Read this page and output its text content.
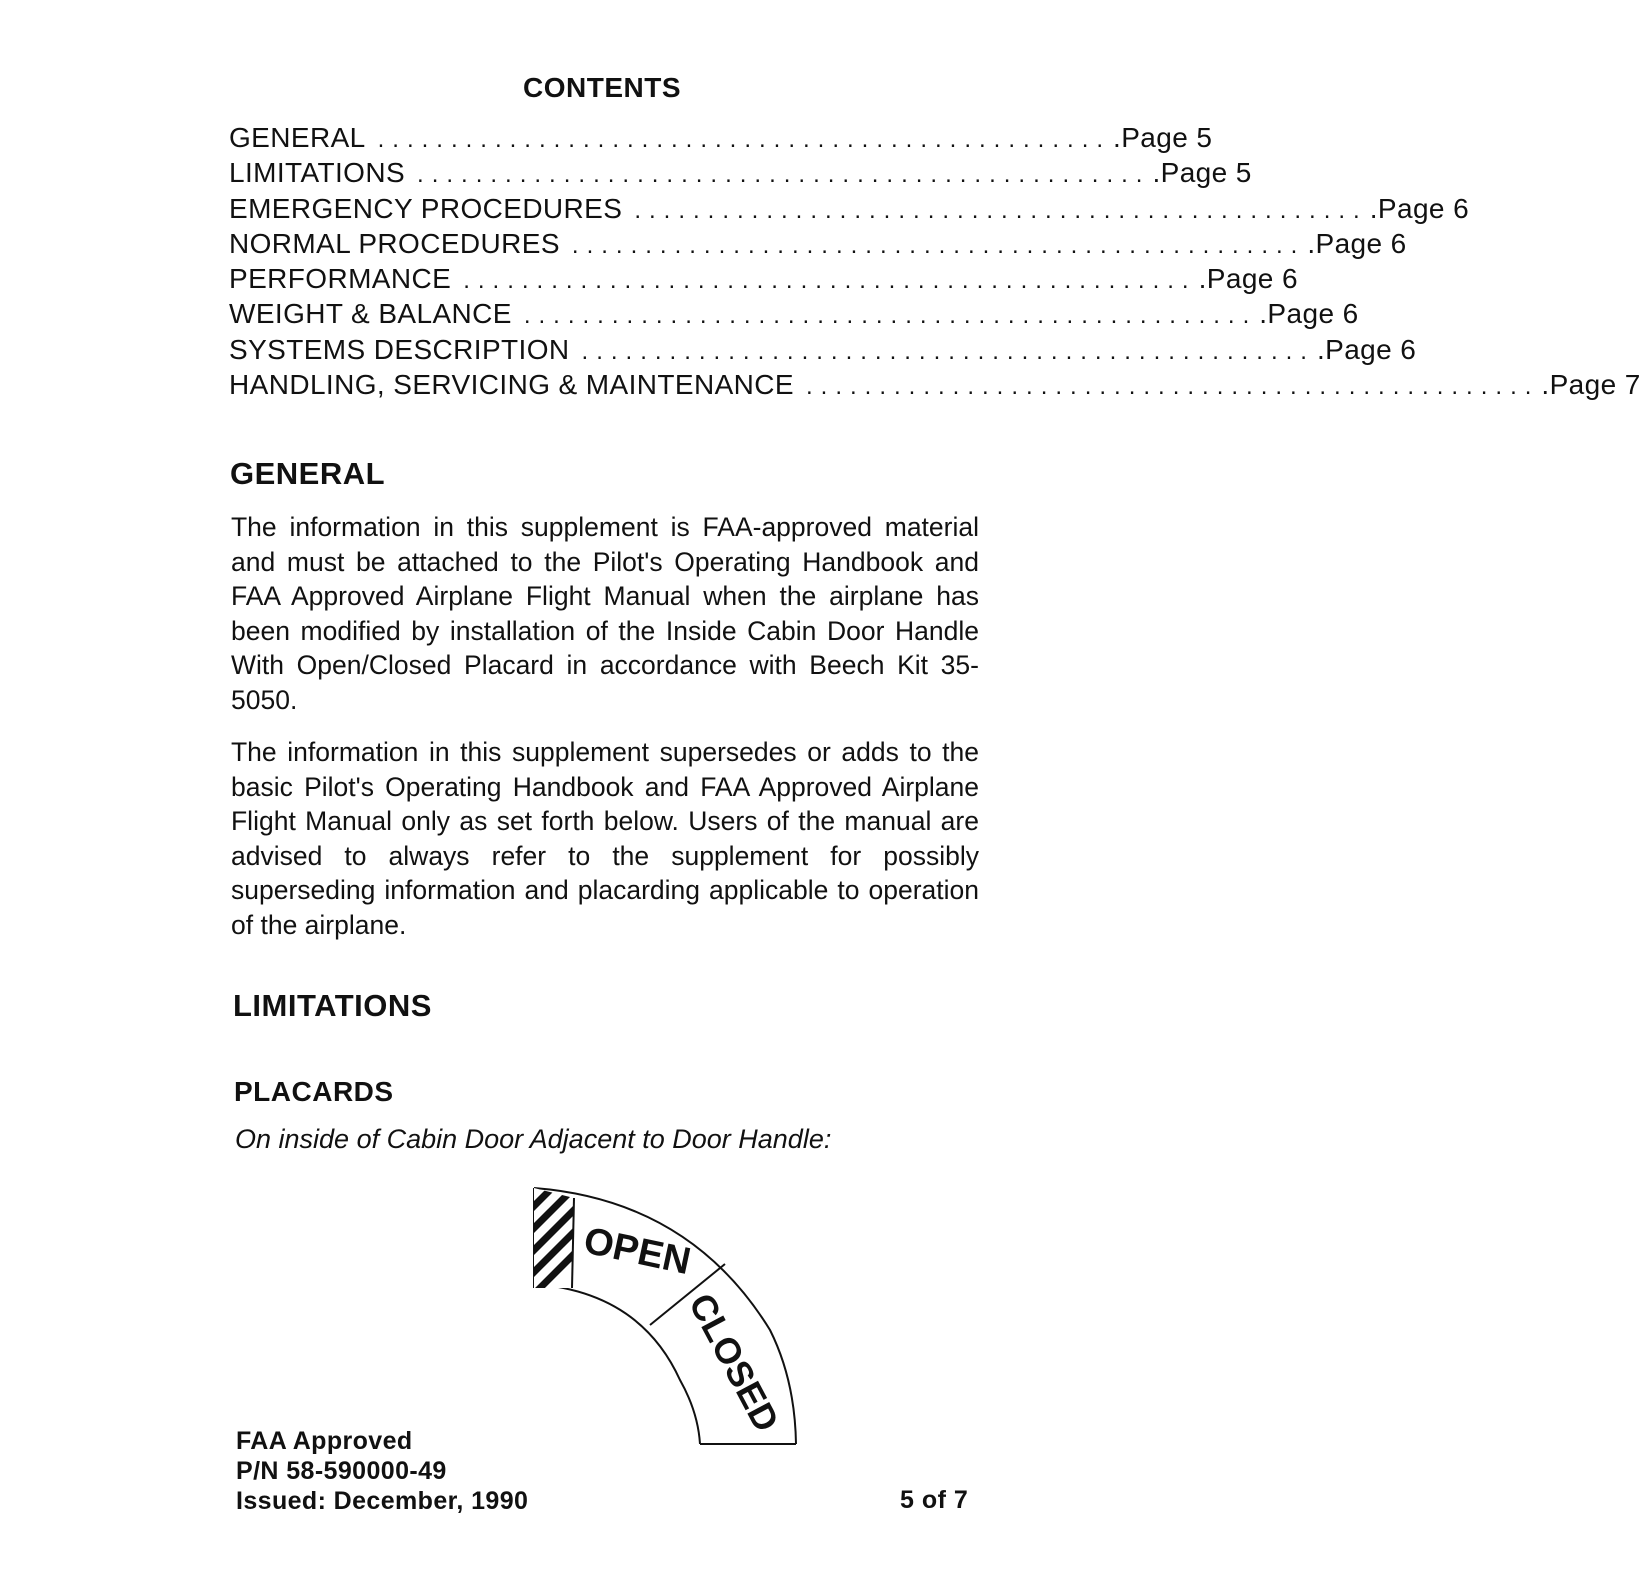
CONTENTS
GENERAL .................................................. .Page 5
LIMITATIONS .................................................. .Page 5
EMERGENCY PROCEDURES .................................................. .Page 6
NORMAL PROCEDURES .................................................. .Page 6
PERFORMANCE .................................................. .Page 6
WEIGHT & BALANCE .................................................. .Page 6
SYSTEMS DESCRIPTION .................................................. .Page 6
HANDLING, SERVICING & MAINTENANCE .................................................. .Page 7
GENERAL

The information in this supplement is FAA-approved material and must be attached to the Pilot's Operating Handbook and FAA Approved Airplane Flight Manual when the airplane has been modified by installation of the Inside Cabin Door Handle With Open/Closed Placard in accordance with Beech Kit 35-5050.

The information in this supplement supersedes or adds to the basic Pilot's Operating Handbook and FAA Approved Airplane Flight Manual only as set forth below. Users of the manual are advised to always refer to the supplement for possibly superseding information and placarding applicable to operation of the airplane.

LIMITATIONS
PLACARDS

On inside of Cabin Door Adjacent to Door Handle:

OPEN
CLOSED
FAA Approved
P/N 58-590000-49
Issued: December, 1990	5 of 7
